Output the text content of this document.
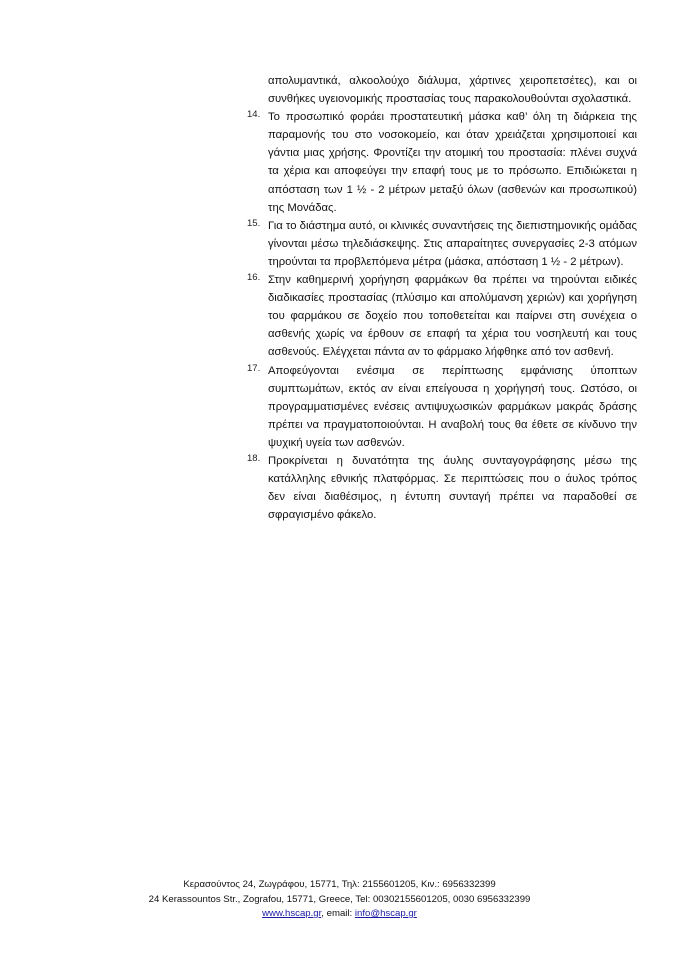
απολυμαντικά, αλκοολούχο διάλυμα, χάρτινες χειροπετσέτες), και οι συνθήκες υγειονομικής προστασίας τους παρακολουθούνται σχολαστικά.

14. Το προσωπικό φοράει προστατευτική μάσκα καθ’ όλη τη διάρκεια της παραμονής του στο νοσοκομείο, και όταν χρειάζεται χρησιμοποιεί και γάντια μιας χρήσης. Φροντίζει την ατομική του προστασία: πλένει συχνά τα χέρια και αποφεύγει την επαφή τους με το πρόσωπο. Επιδιώκεται η απόσταση των 1 ½ - 2 μέτρων μεταξύ όλων (ασθενών και προσωπικού) της Μονάδας.

15. Για το διάστημα αυτό, οι κλινικές συναντήσεις της διεπιστημονικής ομάδας γίνονται μέσω τηλεδιάσκεψης. Στις απαραίτητες συνεργασίες 2-3 ατόμων τηρούνται τα προβλεπόμενα μέτρα (μάσκα, απόσταση 1 ½ - 2 μέτρων).

16. Στην καθημερινή χορήγηση φαρμάκων θα πρέπει να τηρούνται ειδικές διαδικασίες προστασίας (πλύσιμο και απολύμανση χεριών) και χορήγηση του φαρμάκου σε δοχείο που τοποθετείται και παίρνει στη συνέχεια ο ασθενής χωρίς να έρθουν σε επαφή τα χέρια του νοσηλευτή και τους ασθενούς. Ελέγχεται πάντα αν το φάρμακο λήφθηκε από τον ασθενή.

17. Αποφεύγονται ενέσιμα σε περίπτωσης εμφάνισης ύποπτων συμπτωμάτων, εκτός αν είναι επείγουσα η χορήγησή τους. Ωστόσο, οι προγραμματισμένες ενέσεις αντιψυχωσικών φαρμάκων μακράς δράσης πρέπει να πραγματοποιούνται. Η αναβολή τους θα έθετε σε κίνδυνο την ψυχική υγεία των ασθενών.

18. Προκρίνεται η δυνατότητα της άυλης συνταγογράφησης μέσω της κατάλληλης εθνικής πλατφόρμας. Σε περιπτώσεις που ο άυλος τρόπος δεν είναι διαθέσιμος, η έντυπη συνταγή πρέπει να παραδοθεί σε σφραγισμένο φάκελο.

Κερασούντος 24, Ζωγράφου, 15771, Τηλ: 2155601205, Κιν.: 6956332399
24 Kerassountos Str., Zografou, 15771, Greece, Tel: 00302155601205, 0030 6956332399
www.hscap.gr, email: info@hscap.gr
